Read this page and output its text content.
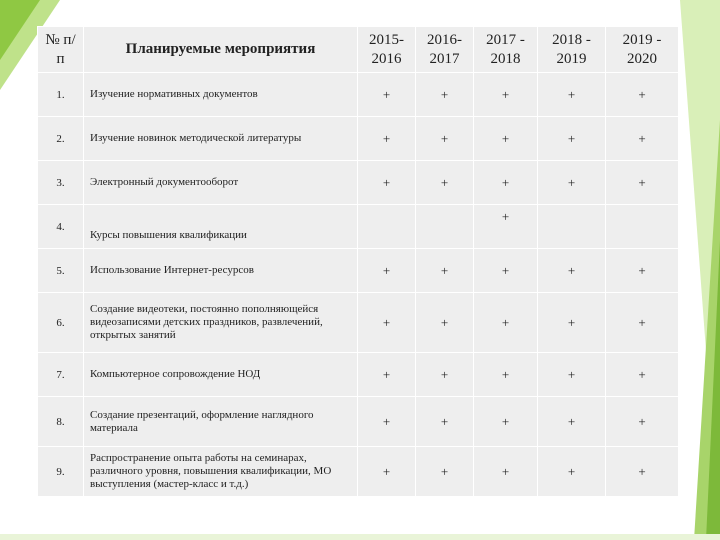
№ п/п	Планируемые мероприятия	2015-2016	2016-2017	2017 - 2018	2018 - 2019	2019 - 2020
1.	Изучение нормативных документов	+	+	+	+	+
2.	Изучение новинок методической литературы	+	+	+	+	+
3.	Электронный документооборот	+	+	+	+	+
4.	Курсы повышения квалификации			+		
5.	Использование Интернет-ресурсов	+	+	+	+	+
6.	Создание видеотеки, постоянно пополняющейся видеозаписями детских праздников, развлечений, открытых занятий	+	+	+	+	+
7.	Компьютерное сопровождение НОД	+	+	+	+	+
8.	Создание презентаций, оформление наглядного материала	+	+	+	+	+
9.	Распространение опыта работы на семинарах, различного уровня, повышения квалификации, МО выступления (мастер-класс и т.д.)	+	+	+	+	+
